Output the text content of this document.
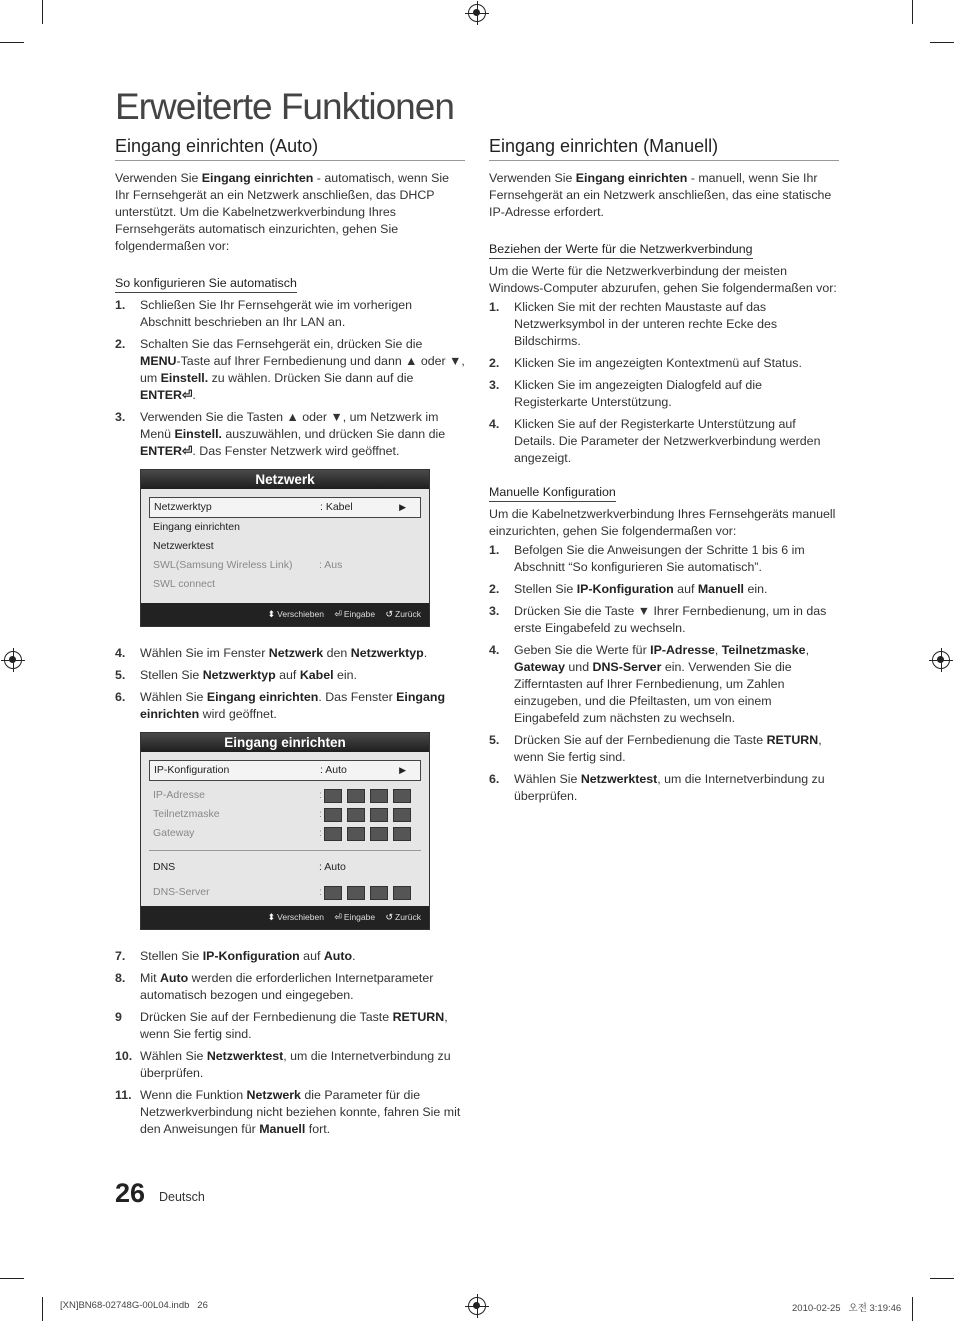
Erweiterte Funktionen
Eingang einrichten (Auto)

Verwenden Sie Eingang einrichten - automatisch, wenn Sie Ihr Fernsehgerät an ein Netzwerk anschließen, das DHCP unterstützt. Um die Kabelnetzwerkverbindung Ihres Fernsehgeräts automatisch einzurichten, gehen Sie folgendermaßen vor:

So konfigurieren Sie automatisch
1. Schließen Sie Ihr Fernsehgerät wie im vorherigen Abschnitt beschrieben an Ihr LAN an.
2. Schalten Sie das Fernsehgerät ein, drücken Sie die MENU-Taste auf Ihrer Fernbedienung und dann ▲ oder ▼, um Einstell. zu wählen. Drücken Sie dann auf die ENTER⏎.
3. Verwenden Sie die Tasten ▲ oder ▼, um Netzwerk im Menü Einstell. auszuwählen, und drücken Sie dann die ENTER⏎. Das Fenster Netzwerk wird geöffnet.
Netzwerk
Netzwerktyp	: Kabel	▶
Eingang einrichten
Netzwerktest
SWL(Samsung Wireless Link)	: Aus
SWL connect
⬍ Verschieben ⏎ Eingabe ↺ Zurück
4. Wählen Sie im Fenster Netzwerk den Netzwerktyp.
5. Stellen Sie Netzwerktyp auf Kabel ein.
6. Wählen Sie Eingang einrichten. Das Fenster Eingang einrichten wird geöffnet.
Eingang einrichten
IP-Konfiguration	: Auto	▶
IP-Adresse	:
Teilnetzmaske	:
Gateway	:
DNS	: Auto
DNS-Server	:
⬍ Verschieben ⏎ Eingabe ↺ Zurück
7. Stellen Sie IP-Konfiguration auf Auto.
8. Mit Auto werden die erforderlichen Internetparameter automatisch bezogen und eingegeben.
9 Drücken Sie auf der Fernbedienung die Taste RETURN, wenn Sie fertig sind.
10. Wählen Sie Netzwerktest, um die Internetverbindung zu überprüfen.
11. Wenn die Funktion Netzwerk die Parameter für die Netzwerkverbindung nicht beziehen konnte, fahren Sie mit den Anweisungen für Manuell fort.
Eingang einrichten (Manuell)

Verwenden Sie Eingang einrichten - manuell, wenn Sie Ihr Fernsehgerät an ein Netzwerk anschließen, das eine statische IP-Adresse erfordert.

Beziehen der Werte für die Netzwerkverbindung

Um die Werte für die Netzwerkverbindung der meisten Windows-Computer abzurufen, gehen Sie folgendermaßen vor:

1. Klicken Sie mit der rechten Maustaste auf das Netzwerksymbol in der unteren rechte Ecke des Bildschirms.
2. Klicken Sie im angezeigten Kontextmenü auf Status.
3. Klicken Sie im angezeigten Dialogfeld auf die Registerkarte Unterstützung.
4. Klicken Sie auf der Registerkarte Unterstützung auf Details. Die Parameter der Netzwerkverbindung werden angezeigt.
Manuelle Konfiguration

Um die Kabelnetzwerkverbindung Ihres Fernsehgeräts manuell einzurichten, gehen Sie folgendermaßen vor:

1. Befolgen Sie die Anweisungen der Schritte 1 bis 6 im Abschnitt “So konfigurieren Sie automatisch”.
2. Stellen Sie IP-Konfiguration auf Manuell ein.
3. Drücken Sie die Taste ▼ Ihrer Fernbedienung, um in das erste Eingabefeld zu wechseln.
4. Geben Sie die Werte für IP-Adresse, Teilnetzmaske, Gateway und DNS-Server ein. Verwenden Sie die Zifferntasten auf Ihrer Fernbedienung, um Zahlen einzugeben, und die Pfeiltasten, um von einem Eingabefeld zum nächsten zu wechseln.
5. Drücken Sie auf der Fernbedienung die Taste RETURN, wenn Sie fertig sind.
6. Wählen Sie Netzwerktest, um die Internetverbindung zu überprüfen.
26 Deutsch
[XN]BN68-02748G-00L04.indb   26	2010-02-25   오전 3:19:46
